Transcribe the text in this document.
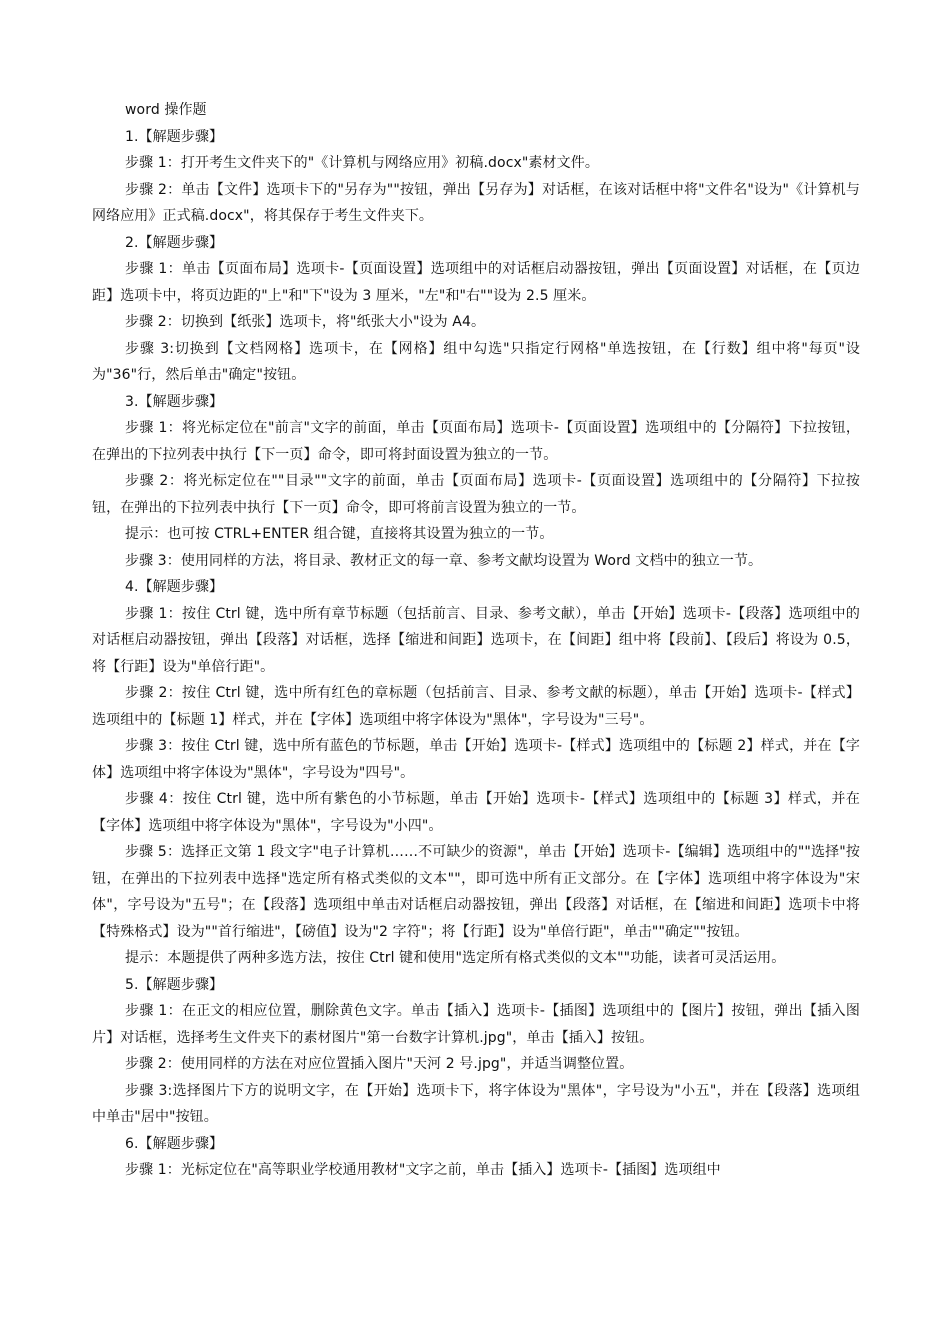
word 操作题

1.【解题步骤】

步骤 1：打开考生文件夹下的"《计算机与网络应用》初稿.docx"素材文件。

步骤 2：单击【文件】选项卡下的"另存为""按钮，弹出【另存为】对话框，在该对话框中将"文件名"设为"《计算机与网络应用》正式稿.docx"，将其保存于考生文件夹下。

2.【解题步骤】

步骤 1：单击【页面布局】选项卡-【页面设置】选项组中的对话框启动器按钮，弹出【页面设置】对话框，在【页边距】选项卡中，将页边距的"上"和"下"设为 3 厘米，"左"和"右""设为 2.5 厘米。

步骤 2：切换到【纸张】选项卡，将"纸张大小"设为 A4。

步骤 3:切换到【文档网格】选项卡，在【网格】组中勾选"只指定行网格"单选按钮，在【行数】组中将"每页"设为"36"行，然后单击"确定"按钮。

3.【解题步骤】

步骤 1：将光标定位在"前言"文字的前面，单击【页面布局】选项卡-【页面设置】选项组中的【分隔符】下拉按钮，在弹出的下拉列表中执行【下一页】命令，即可将封面设置为独立的一节。

步骤 2：将光标定位在""目录""文字的前面，单击【页面布局】选项卡-【页面设置】选项组中的【分隔符】下拉按钮，在弹出的下拉列表中执行【下一页】命令，即可将前言设置为独立的一节。

提示：也可按 CTRL+ENTER 组合键，直接将其设置为独立的一节。

步骤 3：使用同样的方法，将目录、教材正文的每一章、参考文献均设置为 Word 文档中的独立一节。

4.【解题步骤】

步骤 1：按住 Ctrl 键，选中所有章节标题（包括前言、目录、参考文献），单击【开始】选项卡-【段落】选项组中的对话框启动器按钮，弹出【段落】对话框，选择【缩进和间距】选项卡，在【间距】组中将【段前】、【段后】将设为 0.5，将【行距】设为"单倍行距"。

步骤 2：按住 Ctrl 键，选中所有红色的章标题（包括前言、目录、参考文献的标题），单击【开始】选项卡-【样式】选项组中的【标题 1】样式，并在【字体】选项组中将字体设为"黑体"，字号设为"三号"。

步骤 3：按住 Ctrl 键，选中所有蓝色的节标题，单击【开始】选项卡-【样式】选项组中的【标题 2】样式，并在【字体】选项组中将字体设为"黑体"，字号设为"四号"。

步骤 4：按住 Ctrl 键，选中所有紫色的小节标题，单击【开始】选项卡-【样式】选项组中的【标题 3】样式，并在【字体】选项组中将字体设为"黑体"，字号设为"小四"。

步骤 5：选择正文第 1 段文字"电子计算机……不可缺少的资源"，单击【开始】选项卡-【编辑】选项组中的""选择"按钮，在弹出的下拉列表中选择"选定所有格式类似的文本""，即可选中所有正文部分。在【字体】选项组中将字体设为"宋体"，字号设为"五号"；在【段落】选项组中单击对话框启动器按钮，弹出【段落】对话框，在【缩进和间距】选项卡中将【特殊格式】设为""首行缩进"，【磅值】设为"2 字符"；将【行距】设为"单倍行距"，单击""确定""按钮。

提示：本题提供了两种多选方法，按住 Ctrl 键和使用"选定所有格式类似的文本""功能，读者可灵活运用。

5.【解题步骤】

步骤 1：在正文的相应位置，删除黄色文字。单击【插入】选项卡-【插图】选项组中的【图片】按钮，弹出【插入图片】对话框，选择考生文件夹下的素材图片"第一台数字计算机.jpg"，单击【插入】按钮。

步骤 2：使用同样的方法在对应位置插入图片"天河 2 号.jpg"，并适当调整位置。

步骤 3:选择图片下方的说明文字，在【开始】选项卡下，将字体设为"黑体"，字号设为"小五"，并在【段落】选项组中单击"居中"按钮。

6.【解题步骤】

步骤 1：光标定位在"高等职业学校通用教材"文字之前，单击【插入】选项卡-【插图】选项组中
